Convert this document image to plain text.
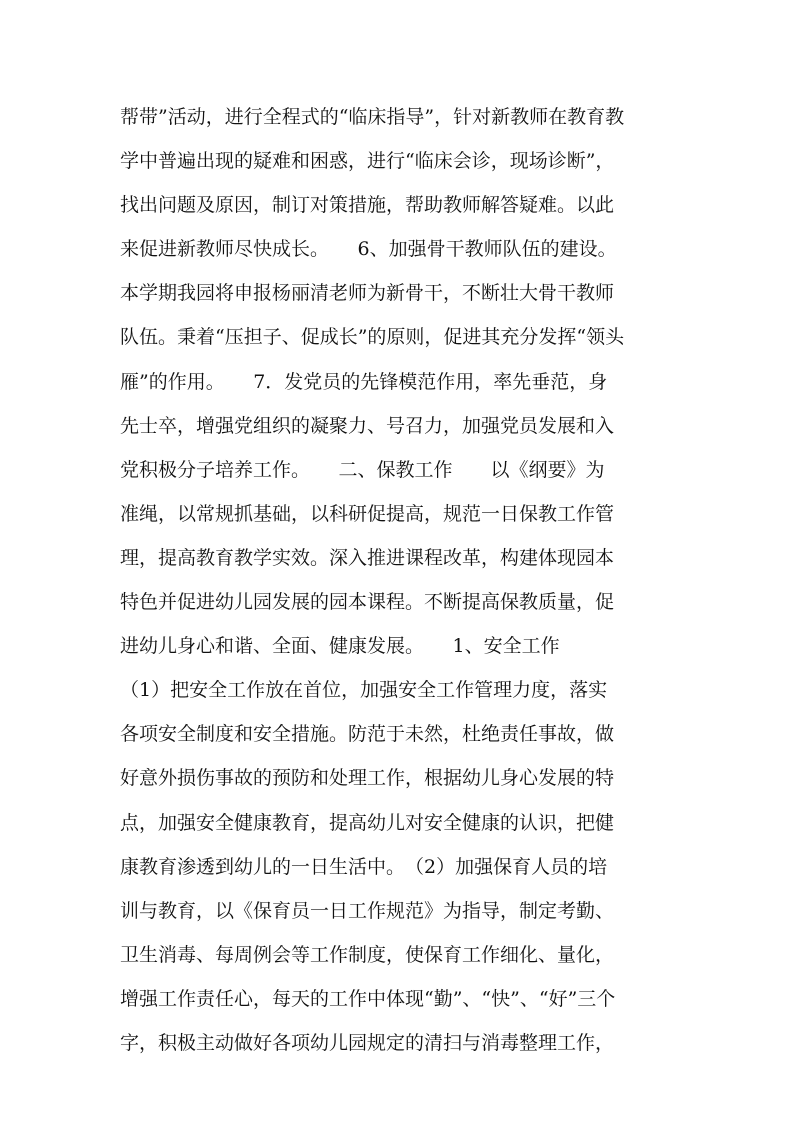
帮带”活动，进行全程式的“临床指导”，针对新教师在教育教
学中普遍出现的疑难和困惑，进行“临床会诊，现场诊断”，
找出问题及原因，制订对策措施，帮助教师解答疑难。以此
来促进新教师尽快成长。　　6、加强骨干教师队伍的建设。
本学期我园将申报杨丽清老师为新骨干，不断壮大骨干教师
队伍。秉着“压担子、促成长”的原则，促进其充分发挥“领头
雁”的作用。　　7．发党员的先锋模范作用，率先垂范，身
先士卒，增强党组织的凝聚力、号召力，加强党员发展和入
党积极分子培养工作。　　二、保教工作　　以《纲要》为
准绳，以常规抓基础，以科研促提高，规范一日保教工作管
理，提高教育教学实效。深入推进课程改革，构建体现园本
特色并促进幼儿园发展的园本课程。不断提高保教质量，促
进幼儿身心和谐、全面、健康发展。　　1、安全工作
（1）把安全工作放在首位，加强安全工作管理力度，落实
各项安全制度和安全措施。防范于未然，杜绝责任事故，做
好意外损伤事故的预防和处理工作，根据幼儿身心发展的特
点，加强安全健康教育，提高幼儿对安全健康的认识，把健
康教育渗透到幼儿的一日生活中。　（2）加强保育人员的培
训与教育，以《保育员一日工作规范》为指导，制定考勤、
卫生消毒、每周例会等工作制度，使保育工作细化、量化，
增强工作责任心，每天的工作中体现“勤”、“快”、“好”三个
字，积极主动做好各项幼儿园规定的清扫与消毒整理工作，
